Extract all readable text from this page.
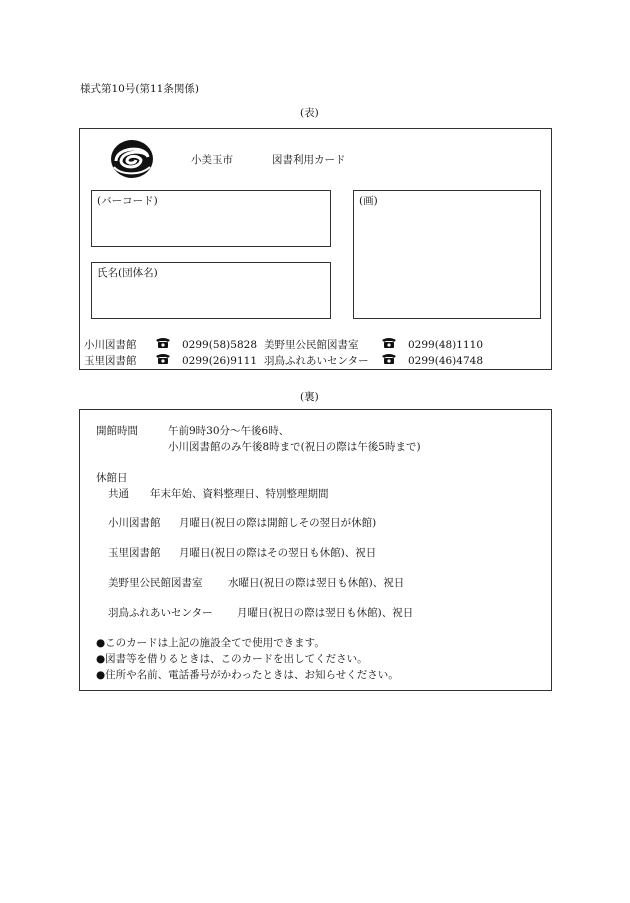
様式第10号(第11条関係)
(表)
小美玉市	図書利用カード
(バーコード)
氏名(団体名)
(画)
小川図書館	0299(58)5828 美野里公民館図書室	0299(48)1110
玉里図書館	0299(26)9111 羽鳥ふれあいセンター	0299(46)4748
(裏)
開館時間	午前9時30分～午後6時、
小川図書館のみ午後8時まで(祝日の際は午後5時まで)
休館日
共通 年末年始、資料整理日、特別整理期間
小川図書館 月曜日(祝日の際は開館しその翌日が休館)
玉里図書館 月曜日(祝日の際はその翌日も休館)、祝日
美野里公民館図書室 水曜日(祝日の際は翌日も休館)、祝日
羽鳥ふれあいセンター 月曜日(祝日の際は翌日も休館)、祝日
●このカードは上記の施設全てで使用できます。
●図書等を借りるときは、このカードを出してください。
●住所や名前、電話番号がかわったときは、お知らせください。
